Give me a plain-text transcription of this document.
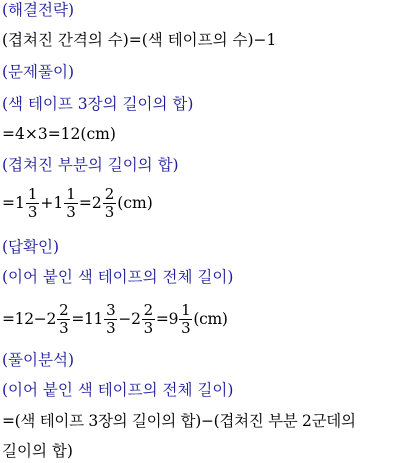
(해결전략)
(겹쳐진 간격의 수)=(색 테이프의 수)−1
(문제풀이)
(색 테이프 3장의 길이의 합)
=4×3=12(cm)
(겹쳐진 부분의 길이의 합)
= $1 \frac{1}{3} + 1 \frac{1}{3} = 2 \frac{2}{3} (cm)$
(답확인)
(이어 붙인 색 테이프의 전체 길이)
$=12- 2 \frac{2}{3} = 11 \frac{3}{3} - 2 \frac{2}{3} = 9 \frac{1}{3} (cm)$
(풀이분석)
(이어 붙인 색 테이프의 전체 길이)
=(색 테이프 3장의 길이의 합)−(겹쳐진 부분 2군데의
길이의 합)
